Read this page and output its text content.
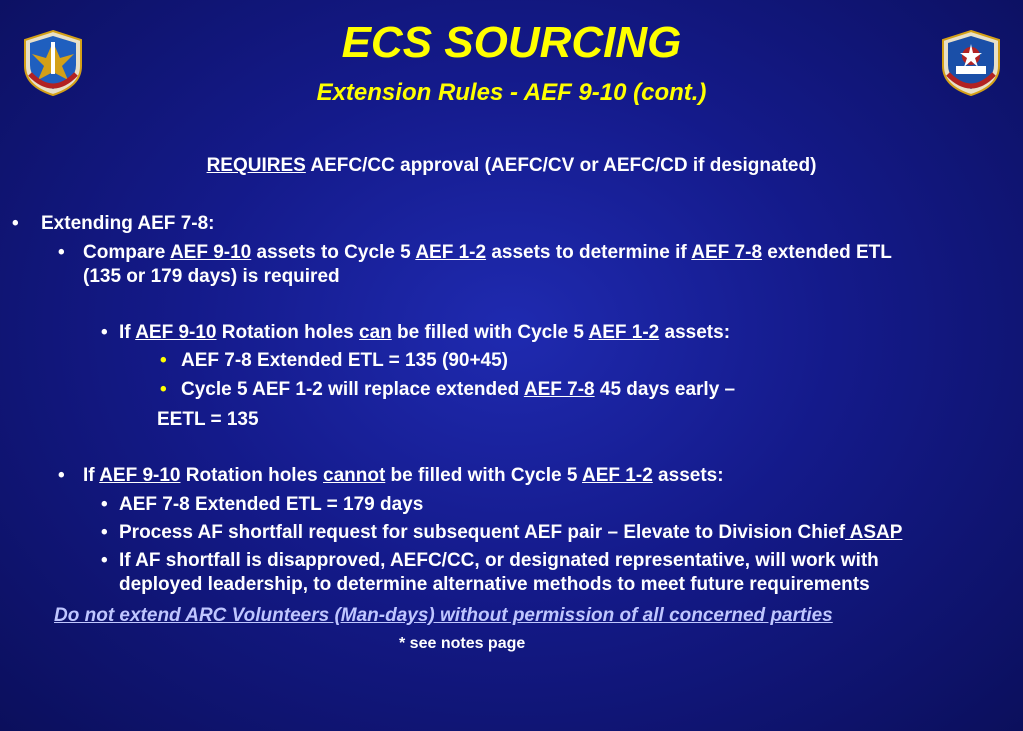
ECS SOURCING
Extension Rules - AEF 9-10 (cont.)
REQUIRES AEFC/CC approval (AEFC/CV or AEFC/CD if designated)
• Extending AEF 7-8:
• Compare AEF 9-10 assets to Cycle 5 AEF 1-2 assets to determine if AEF 7-8 extended ETL
(135 or 179 days) is required
• If AEF 9-10 Rotation holes can be filled with Cycle 5 AEF 1-2 assets:
• AEF 7-8 Extended ETL = 135 (90+45)
• Cycle 5 AEF 1-2 will replace extended AEF 7-8 45 days early –
EETL = 135
• If AEF 9-10 Rotation holes cannot be filled with Cycle 5 AEF 1-2 assets:
• AEF 7-8 Extended ETL = 179 days
• Process AF shortfall request for subsequent AEF pair – Elevate to Division Chief ASAP
• If AF shortfall is disapproved, AEFC/CC, or designated representative, will work with
deployed leadership, to determine alternative methods to meet future requirements
Do not extend ARC Volunteers (Man-days) without permission of all concerned parties
* see notes page
